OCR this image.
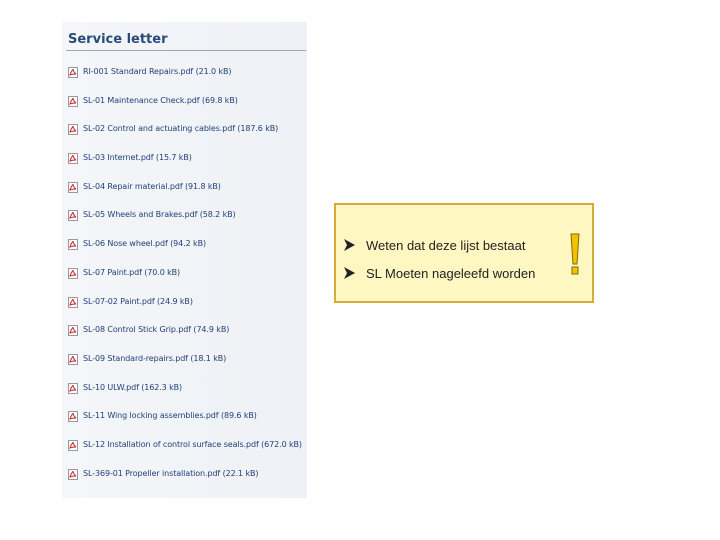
Service letter
RI-001 Standard Repairs.pdf (21.0 kB)
SL-01 Maintenance Check.pdf (69.8 kB)
SL-02 Control and actuating cables.pdf (187.6 kB)
SL-03 Internet.pdf (15.7 kB)
SL-04 Repair material.pdf (91.8 kB)
SL-05 Wheels and Brakes.pdf (58.2 kB)
SL-06 Nose wheel.pdf (94.2 kB)
SL-07 Paint.pdf (70.0 kB)
SL-07-02 Paint.pdf (24.9 kB)
SL-08 Control Stick Grip.pdf (74.9 kB)
SL-09 Standard-repairs.pdf (18.1 kB)
SL-10 ULW.pdf (162.3 kB)
SL-11 Wing locking assemblies.pdf (89.6 kB)
SL-12 Installation of control surface seals.pdf (672.0 kB)
SL-369-01 Propeller installation.pdf (22.1 kB)
Weten dat deze lijst bestaat
SL Moeten nageleefd worden
